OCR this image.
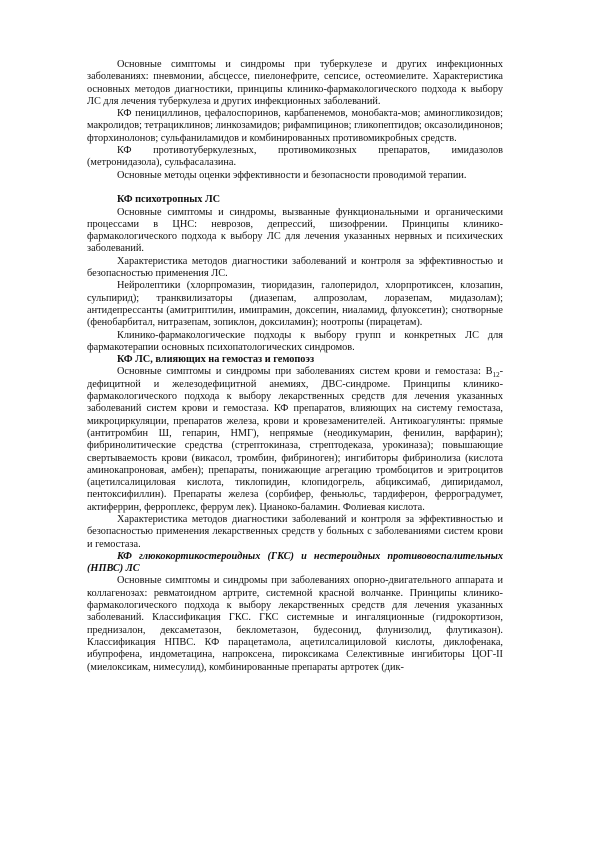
Основные симптомы и синдромы при туберкулезе и других инфекционных заболеваниях: пневмонии, абсцессе, пиелонефрите, сепсисе, остеомиелите. Характеристика основных методов диагностики, принципы клинико-фармакологического подхода к выбору ЛС для лечения туберкулеза и других инфекционных заболеваний.

КФ пенициллинов, цефалоспоринов, карбапенемов, монобакта-мов; аминогликозидов; макролидов; тетрациклинов; линкозамидов; рифампицинов; гликопептидов; оксазолидинонов; фторхинолонов; сульфаниламидов и комбинированных противомикробных средств.

КФ противотуберкулезных, противомикозных препаратов, имидазолов (метронидазола), сульфасалазина.

Основные методы оценки эффективности и безопасности проводимой терапии.

КФ психотропных ЛС

Основные симптомы и синдромы, вызванные функциональными и органическими процессами в ЦНС: неврозов, депрессий, шизофрении. Принципы клинико-фармакологического подхода к выбору ЛС для лечения указанных нервных и психических заболеваний.

Характеристика методов диагностики заболеваний и контроля за эффективностью и безопасностью применения ЛС.

Нейролептики (хлорпромазин, тиоридазин, галоперидол, хлорпротиксен, клозапин, сульпирид); транквилизаторы (диазепам, алпрозолам, лоразепам, мидазолам); антидепрессанты (амитриптилин, имипрамин, доксепин, ниаламид, флуоксетин); снотворные (фенобарбитал, нитразепам, зопиклон, доксиламин); ноотропы (пирацетам).

Клинико-фармакологические подходы к выбору групп и конкретных ЛС для фармакотерапии основных психопатологических синдромов.

КФ ЛС, влияющих на гемостаз и гемопоэз

Основные симптомы и синдромы при заболеваниях систем крови и гемостаза: $В_{12}$-дефицитной и железодефицитной анемиях, ДВС-синдроме. Принципы клинико-фармакологического подхода к выбору лекарственных средств для лечения указанных заболеваний систем крови и гемостаза. КФ препаратов, влияющих на систему гемостаза, микроциркуляции, препаратов железа, крови и кровезаменителей. Антикоагулянты: прямые (антитромбин Ш, гепарин, НМГ), непрямые (неодикумарин, фенилин, варфарин); фибринолитические средства (стрептокиназа, стрептодеказа, урокиназа); повышающие свертываемость крови (викасол, тромбин, фибриноген); ингибиторы фибринолиза (кислота аминокапроновая, амбен); препараты, понижающие агрегацию тромбоцитов и эритроцитов (ацетилсалициловая кислота, тиклопидин, клопидогрель, абциксимаб, дипиридамол, пентоксифиллин). Препараты железа (сорбифер, феньюльс, тардиферон, ферроградумет, актиферрин, ферроплекс, феррум лек). Цианоко-баламин. Фолиевая кислота.

Характеристика методов диагностики заболеваний и контроля за эффективностью и безопасностью применения лекарственных средств у больных с заболеваниями систем крови и гемостаза.

КФ глюкокортикостероидных (ГКС) и нестероидных противовоспалительных (НПВС) ЛС

Основные симптомы и синдромы при заболеваниях опорно-двигательного аппарата и коллагенозах: ревматоидном артрите, системной красной волчанке. Принципы клинико-фармакологического подхода к выбору лекарственных средств для лечения указанных заболеваний. Классификация ГКС. ГКС системные и ингаляционные (гидрокортизон, преднизалон, дексаметазон, беклометазон, будесонид, флунизолид, флутиказон). Классификация НПВС. КФ парацетамола, ацетилсалициловой кислоты, диклофенака, ибупрофена, индометацина, напроксена, пироксикама Селективные ингибиторы ЦОГ-II (миелоксикам, нимесулид), комбинированные препараты артротек (дик-
